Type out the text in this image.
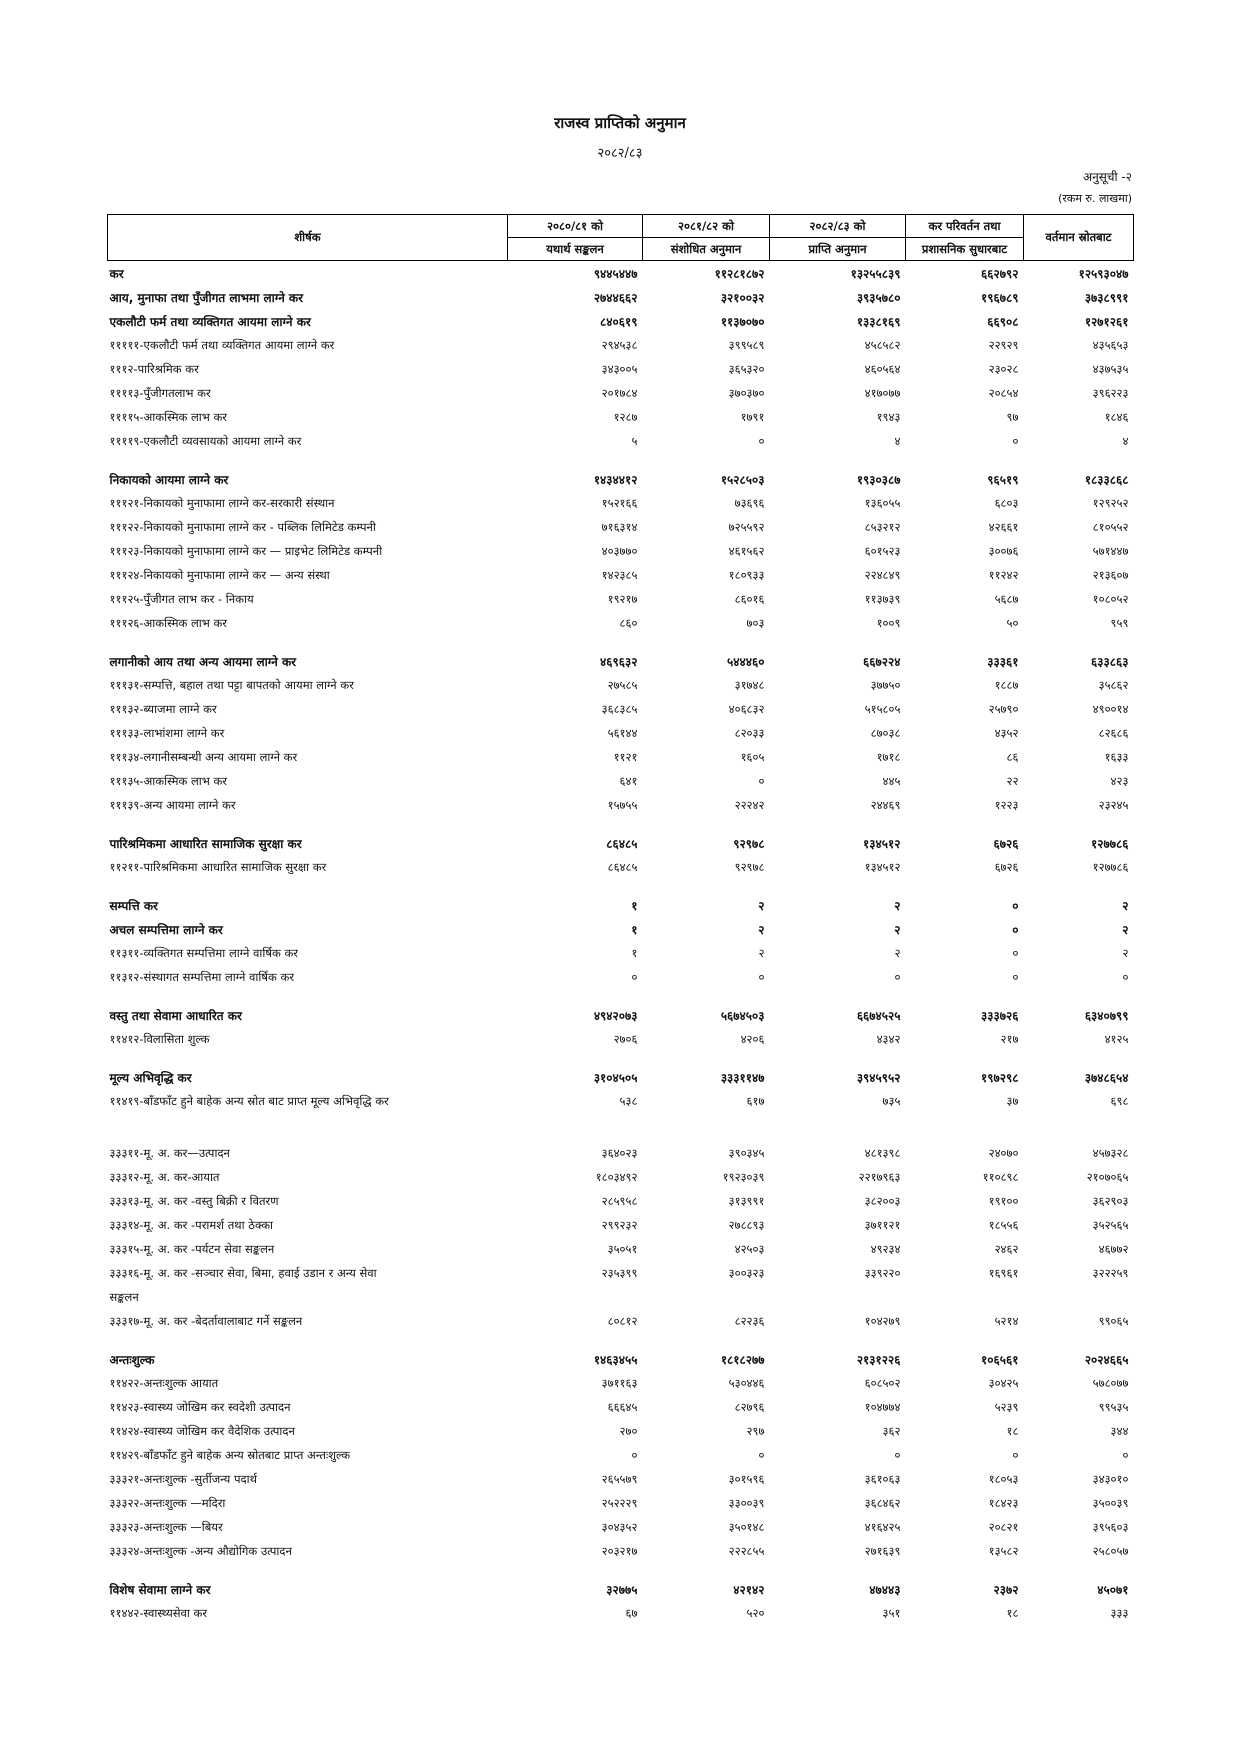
राजस्व प्राप्तिको अनुमान
२०८२/८३
अनुसूची -२
(रकम रु. लाखमा)
शीर्षक	२०८०/८१ को	२०८१/८२ को	२०८२/८३ को	कर परिवर्तन तथा	वर्तमान स्रोतबाट
	यथार्थ सङ्कलन	संशोधित अनुमान	प्राप्ति अनुमान	प्रशासनिक सुधारबाट	
कर	९४४५४४७	११२८१८७२	१३२५५८३९	६६२७९२	१२५९३०४७
आय, मुनाफा तथा पुँजीगत लाभमा लाग्ने कर	२७४४६६२	३२१००३२	३९३५७८०	१९६७८९	३७३८९९१
एकलौटी फर्म तथा व्यक्तिगत आयमा लाग्ने कर	८४०६१९	११३७०७०	१३३८१६९	६६९०८	१२७१२६१
१११११-एकलौटी फर्म तथा व्यक्तिगत आयमा लाग्ने कर	२९४५३८	३९९५८९	४५८५८२	२२९२९	४३५६५३
१११२-पारिश्रमिक कर	३४३००५	३६५३२०	४६०५६४	२३०२८	४३७५३५
११११३-पुँजीगतलाभ कर	२०१७८४	३७०३७०	४१७०७७	२०८५४	३९६२२३
११११५-आकस्मिक लाभ कर	१२८७	१७९१	१९४३	९७	१८४६
११११९-एकलौटी व्यवसायको आयमा लाग्ने कर	५	०	४	०	४

निकायको आयमा लाग्ने कर	१४३४४१२	१५२८५०३	१९३०३८७	९६५१९	१८३३८६८
१११२१-निकायको मुनाफामा लाग्ने कर-सरकारी संस्थान	१५२१६६	७३६९६	१३६०५५	६८०३	१२९२५२
१११२२-निकायको मुनाफामा लाग्ने कर - पब्लिक लिमिटेड कम्पनी	७१६३१४	७२५५९२	८५३२१२	४२६६१	८१०५५२
१११२३-निकायको मुनाफामा लाग्ने कर — प्राइभेट लिमिटेड कम्पनी	४०३७७०	४६१५६२	६०१५२३	३००७६	५७१४४७
१११२४-निकायको मुनाफामा लाग्ने कर — अन्य संस्था	१४२३८५	१८०९३३	२२४८४९	११२४२	२१३६०७
१११२५-पुँजीगत लाभ कर - निकाय	१९२१७	८६०१६	११३७३९	५६८७	१०८०५२
१११२६-आकस्मिक लाभ कर	८६०	७०३	१००९	५०	९५९

लगानीको आय तथा अन्य आयमा लाग्ने कर	४६९६३२	५४४४६०	६६७२२४	३३३६१	६३३८६३
१११३१-सम्पत्ति, बहाल तथा पट्टा बापतको आयमा लाग्ने कर	२७५८५	३१७४८	३७७५०	१८८७	३५८६२
१११३२-ब्याजमा लाग्ने कर	३६८३८५	४०६८३२	५१५८०५	२५७९०	४९००१४
१११३३-लाभांशमा लाग्ने कर	५६१४४	८२०३३	८७०३८	४३५२	८२६८६
१११३४-लगानीसम्बन्धी अन्य आयमा लाग्ने कर	११२१	१६०५	१७१८	८६	१६३३
१११३५-आकस्मिक लाभ कर	६४१	०	४४५	२२	४२३
१११३९-अन्य आयमा लाग्ने कर	१५७५५	२२२४२	२४४६९	१२२३	२३२४५

पारिश्रमिकमा आधारित सामाजिक सुरक्षा कर	८६४८५	९२९७८	१३४५१२	६७२६	१२७७८६
११२११-पारिश्रमिकमा आधारित सामाजिक सुरक्षा कर	८६४८५	९२९७८	१३४५१२	६७२६	१२७७८६

सम्पत्ति कर	१	२	२	०	२
अचल सम्पत्तिमा लाग्ने कर	१	२	२	०	२
११३११-व्यक्तिगत सम्पत्तिमा लाग्ने वार्षिक कर	१	२	२	०	२
११३१२-संस्थागत सम्पत्तिमा लाग्ने वार्षिक कर	०	०	०	०	०

वस्तु तथा सेवामा आधारित कर	४९४२०७३	५६७४५०३	६६७४५२५	३३३७२६	६३४०७९९
११४१२-विलासिता शुल्क	२७०६	४२०६	४३४२	२१७	४१२५

मूल्य अभिवृद्धि कर	३१०४५०५	३३३११४७	३९४५९५२	१९७२९८	३७४८६५४
११४१९-बाँडफाँट हुने बाहेक अन्य स्रोत बाट प्राप्त मूल्य अभिवृद्धि कर	५३८	६१७	७३५	३७	६९८

३३३११-मू. अ. कर—उत्पादन	३६४०२३	३९०३४५	४८१३९८	२४०७०	४५७३२८
३३३१२-मू. अ. कर-आयात	१८०३४९२	१९२३०३९	२२१७९६३	११०८९८	२१०७०६५
३३३१३-मू. अ. कर -वस्तु बिक्री र वितरण	२८५९५८	३१३९९१	३८२००३	१९१००	३६२९०३
३३३१४-मू. अ. कर -परामर्श तथा ठेक्का	२९९२३२	२७८८९३	३७११२१	१८५५६	३५२५६५
३३३१५-मू. अ. कर -पर्यटन सेवा सङ्कलन	३५०५१	४२५०३	४९२३४	२४६२	४६७७२
३३३१६-मू. अ. कर -सञ्चार सेवा, बिमा, हवाई उडान र अन्य सेवा	२३५३९९	३००३२३	३३९२२०	१६९६१	३२२२५९
सङ्कलन					
३३३१७-मू. अ. कर -बेदर्तावालाबाट गर्ने सङ्कलन	८०८१२	८२२३६	१०४२७९	५२१४	९९०६५

अन्तःशुल्क	१४६३४५५	१८१८२७७	२१३१२२६	१०६५६१	२०२४६६५
११४२२-अन्तःशुल्क आयात	३७११६३	५३०४४६	६०८५०२	३०४२५	५७८०७७
११४२३-स्वास्थ्य जोखिम कर स्वदेशी उत्पादन	६६६४५	८२७९६	१०४७७४	५२३९	९९५३५
११४२४-स्वास्थ्य जोखिम कर वैदेशिक उत्पादन	२७०	२९७	३६२	१८	३४४
११४२९-बाँडफाँट हुने बाहेक अन्य स्रोतबाट प्राप्त अन्तःशुल्क	०	०	०	०	०
३३३२१-अन्तःशुल्क -सुर्तीजन्य पदार्थ	२६५५७९	३०१५९६	३६१०६३	१८०५३	३४३०१०
३३३२२-अन्तःशुल्क —मदिरा	२५२२२९	३३००३९	३६८४६२	१८४२३	३५००३९
३३३२३-अन्तःशुल्क —बियर	३०४३५२	३५०१४८	४१६४२५	२०८२१	३९५६०३
३३३२४-अन्तःशुल्क -अन्य औद्योगिक उत्पादन	२०३२१७	२२२८५५	२७१६३९	१३५८२	२५८०५७

विशेष सेवामा लाग्ने कर	३२७७५	४२१४२	४७४४३	२३७२	४५०७१
११४४२-स्वास्थ्यसेवा कर	६७	५२०	३५१	१८	३३३
